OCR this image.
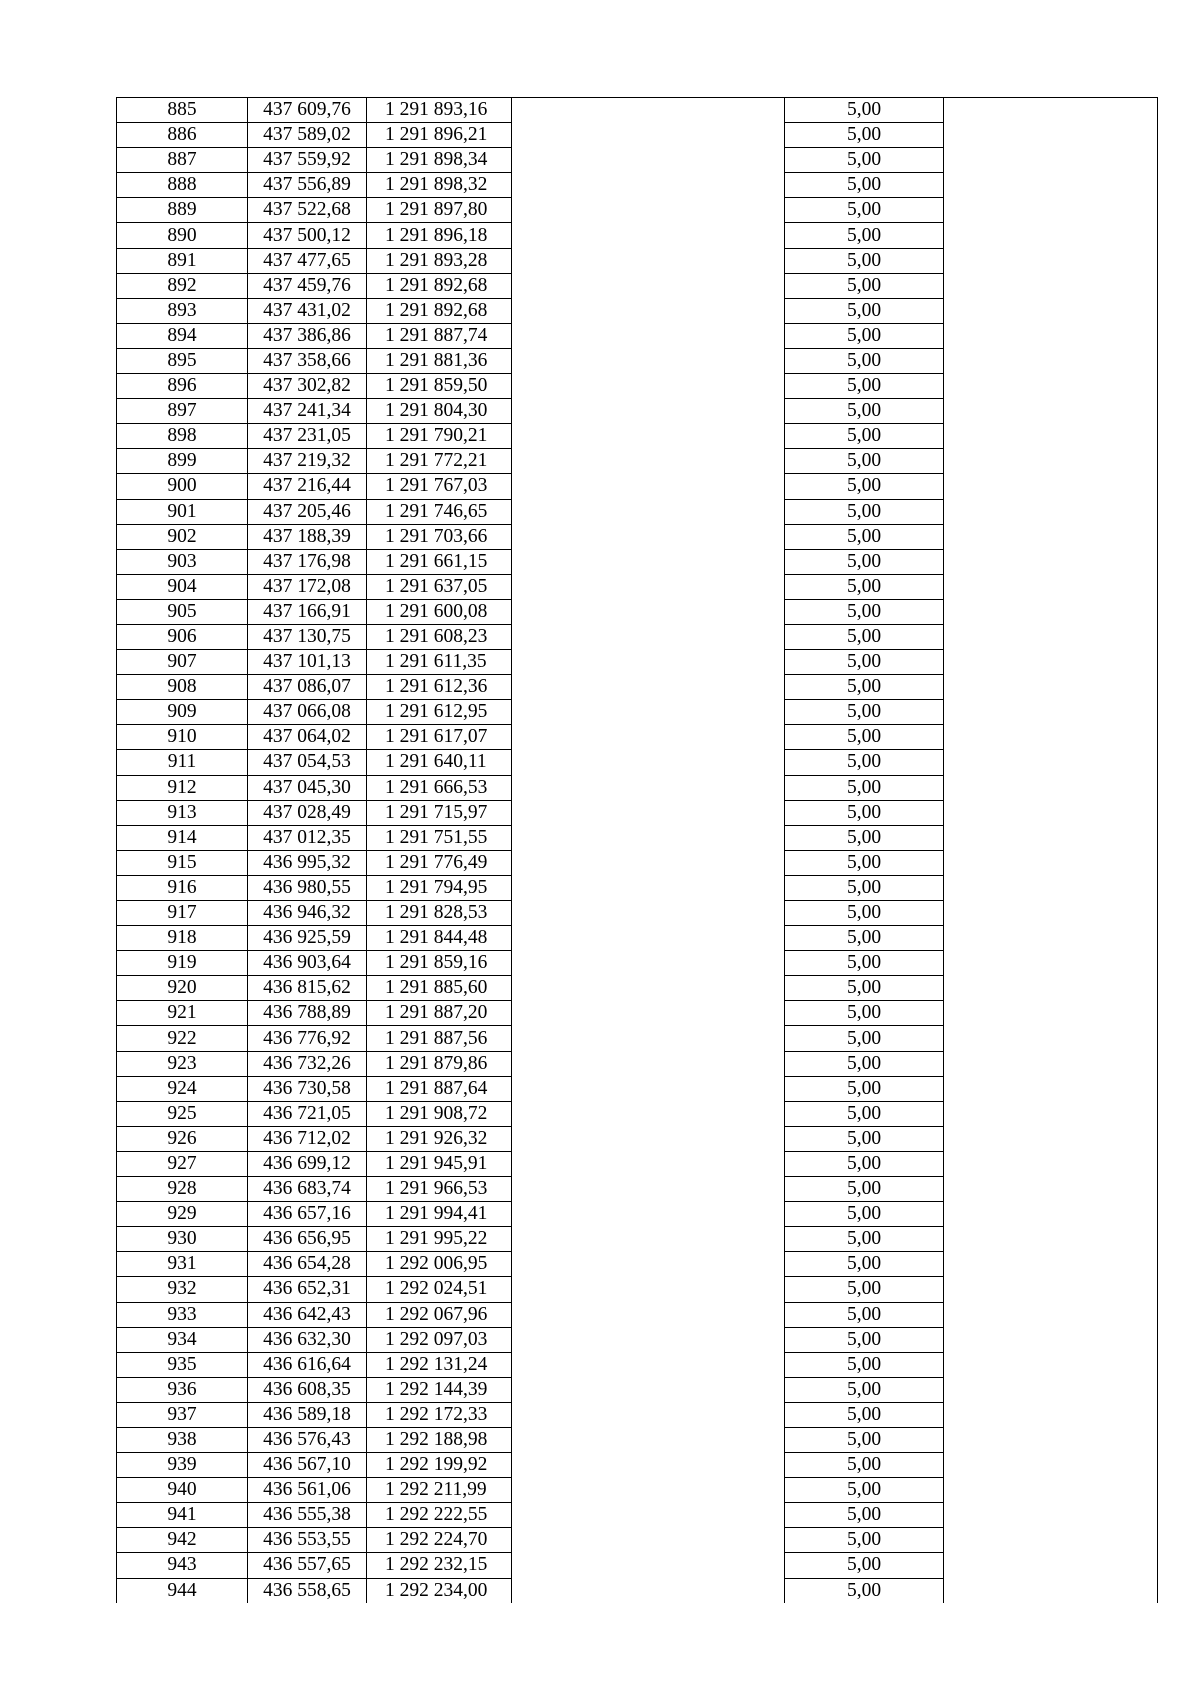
885	437 609,76	1 291 893,16		5,00	
886	437 589,02	1 291 896,21		5,00	
887	437 559,92	1 291 898,34		5,00	
888	437 556,89	1 291 898,32		5,00	
889	437 522,68	1 291 897,80		5,00	
890	437 500,12	1 291 896,18		5,00	
891	437 477,65	1 291 893,28		5,00	
892	437 459,76	1 291 892,68		5,00	
893	437 431,02	1 291 892,68		5,00	
894	437 386,86	1 291 887,74		5,00	
895	437 358,66	1 291 881,36		5,00	
896	437 302,82	1 291 859,50		5,00	
897	437 241,34	1 291 804,30		5,00	
898	437 231,05	1 291 790,21		5,00	
899	437 219,32	1 291 772,21		5,00	
900	437 216,44	1 291 767,03		5,00	
901	437 205,46	1 291 746,65		5,00	
902	437 188,39	1 291 703,66		5,00	
903	437 176,98	1 291 661,15		5,00	
904	437 172,08	1 291 637,05		5,00	
905	437 166,91	1 291 600,08		5,00	
906	437 130,75	1 291 608,23		5,00	
907	437 101,13	1 291 611,35		5,00	
908	437 086,07	1 291 612,36		5,00	
909	437 066,08	1 291 612,95		5,00	
910	437 064,02	1 291 617,07		5,00	
911	437 054,53	1 291 640,11		5,00	
912	437 045,30	1 291 666,53		5,00	
913	437 028,49	1 291 715,97		5,00	
914	437 012,35	1 291 751,55		5,00	
915	436 995,32	1 291 776,49		5,00	
916	436 980,55	1 291 794,95		5,00	
917	436 946,32	1 291 828,53		5,00	
918	436 925,59	1 291 844,48		5,00	
919	436 903,64	1 291 859,16		5,00	
920	436 815,62	1 291 885,60		5,00	
921	436 788,89	1 291 887,20		5,00	
922	436 776,92	1 291 887,56		5,00	
923	436 732,26	1 291 879,86		5,00	
924	436 730,58	1 291 887,64		5,00	
925	436 721,05	1 291 908,72		5,00	
926	436 712,02	1 291 926,32		5,00	
927	436 699,12	1 291 945,91		5,00	
928	436 683,74	1 291 966,53		5,00	
929	436 657,16	1 291 994,41		5,00	
930	436 656,95	1 291 995,22		5,00	
931	436 654,28	1 292 006,95		5,00	
932	436 652,31	1 292 024,51		5,00	
933	436 642,43	1 292 067,96		5,00	
934	436 632,30	1 292 097,03		5,00	
935	436 616,64	1 292 131,24		5,00	
936	436 608,35	1 292 144,39		5,00	
937	436 589,18	1 292 172,33		5,00	
938	436 576,43	1 292 188,98		5,00	
939	436 567,10	1 292 199,92		5,00	
940	436 561,06	1 292 211,99		5,00	
941	436 555,38	1 292 222,55		5,00	
942	436 553,55	1 292 224,70		5,00	
943	436 557,65	1 292 232,15		5,00	
944	436 558,65	1 292 234,00		5,00	
